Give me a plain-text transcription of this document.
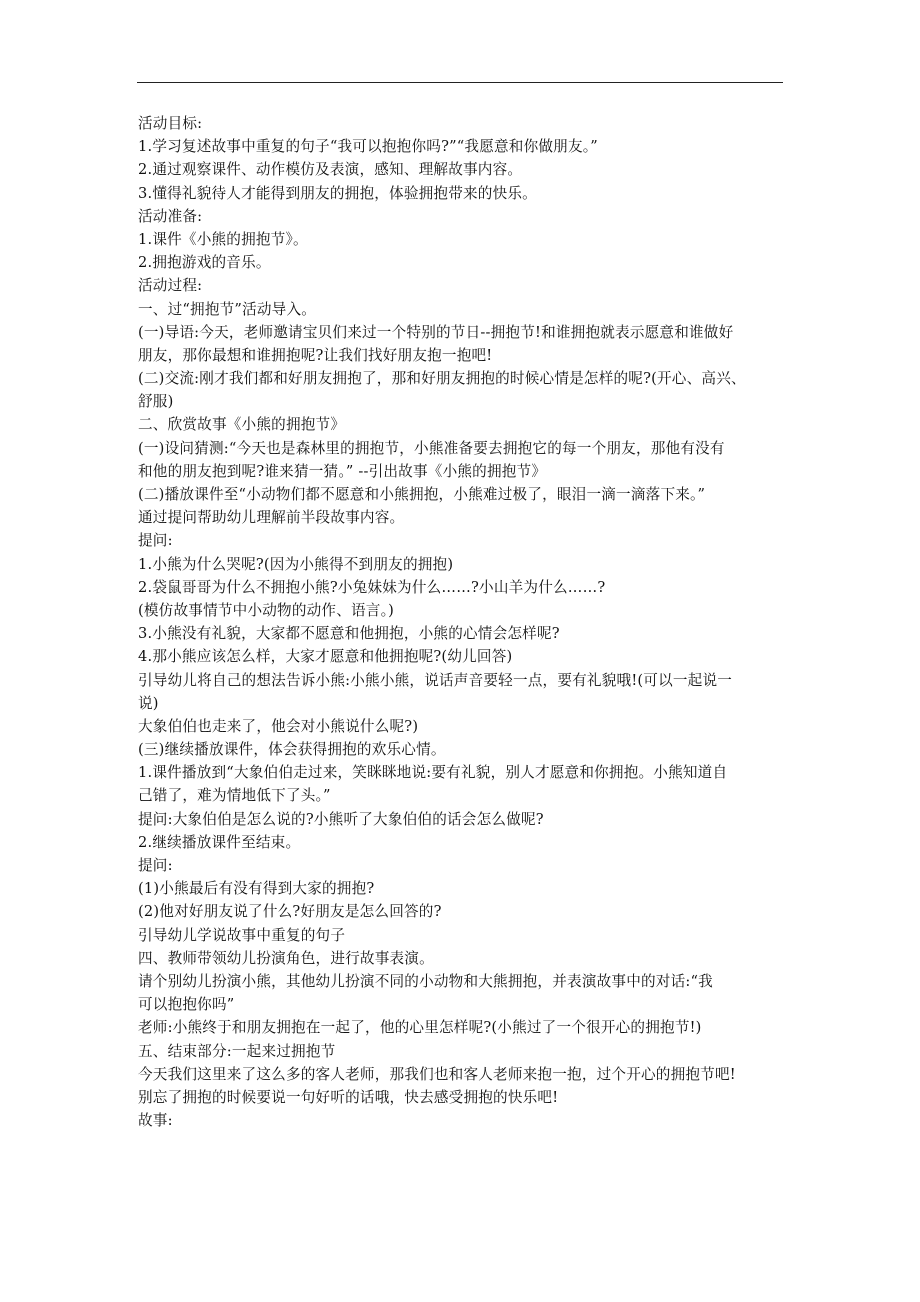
活动目标:
1.学习复述故事中重复的句子“我可以抱抱你吗?”“我愿意和你做朋友。”
2.通过观察课件、动作模仿及表演，感知、理解故事内容。
3.懂得礼貌待人才能得到朋友的拥抱，体验拥抱带来的快乐。
活动准备:
1.课件《小熊的拥抱节》。
2.拥抱游戏的音乐。
活动过程:
一、过“拥抱节”活动导入。
(一)导语:今天，老师邀请宝贝们来过一个特别的节日--拥抱节!和谁拥抱就表示愿意和谁做好
朋友，那你最想和谁拥抱呢?让我们找好朋友抱一抱吧!
(二)交流:刚才我们都和好朋友拥抱了，那和好朋友拥抱的时候心情是怎样的呢?(开心、高兴、
舒服)
二、欣赏故事《小熊的拥抱节》
(一)设问猜测:“今天也是森林里的拥抱节，小熊准备要去拥抱它的每一个朋友，那他有没有
和他的朋友抱到呢?谁来猜一猜。” --引出故事《小熊的拥抱节》
(二)播放课件至“小动物们都不愿意和小熊拥抱，小熊难过极了，眼泪一滴一滴落下来。”
通过提问帮助幼儿理解前半段故事内容。
提问:
1.小熊为什么哭呢?(因为小熊得不到朋友的拥抱)
2.袋鼠哥哥为什么不拥抱小熊?小兔妹妹为什么……?小山羊为什么……?
(模仿故事情节中小动物的动作、语言。)
3.小熊没有礼貌，大家都不愿意和他拥抱，小熊的心情会怎样呢?
4.那小熊应该怎么样，大家才愿意和他拥抱呢?(幼儿回答)
引导幼儿将自己的想法告诉小熊:小熊小熊，说话声音要轻一点，要有礼貌哦!(可以一起说一
说)
大象伯伯也走来了，他会对小熊说什么呢?)
(三)继续播放课件，体会获得拥抱的欢乐心情。
1.课件播放到“大象伯伯走过来，笑眯眯地说:要有礼貌，别人才愿意和你拥抱。小熊知道自
己错了，难为情地低下了头。”
提问:大象伯伯是怎么说的?小熊听了大象伯伯的话会怎么做呢?
2.继续播放课件至结束。
提问:
(1)小熊最后有没有得到大家的拥抱?
(2)他对好朋友说了什么?好朋友是怎么回答的?
引导幼儿学说故事中重复的句子
四、教师带领幼儿扮演角色，进行故事表演。
请个别幼儿扮演小熊，其他幼儿扮演不同的小动物和大熊拥抱，并表演故事中的对话:“我
可以抱抱你吗”
老师:小熊终于和朋友拥抱在一起了，他的心里怎样呢?(小熊过了一个很开心的拥抱节!)
五、结束部分:一起来过拥抱节
今天我们这里来了这么多的客人老师，那我们也和客人老师来抱一抱，过个开心的拥抱节吧!
别忘了拥抱的时候要说一句好听的话哦，快去感受拥抱的快乐吧!
故事:
